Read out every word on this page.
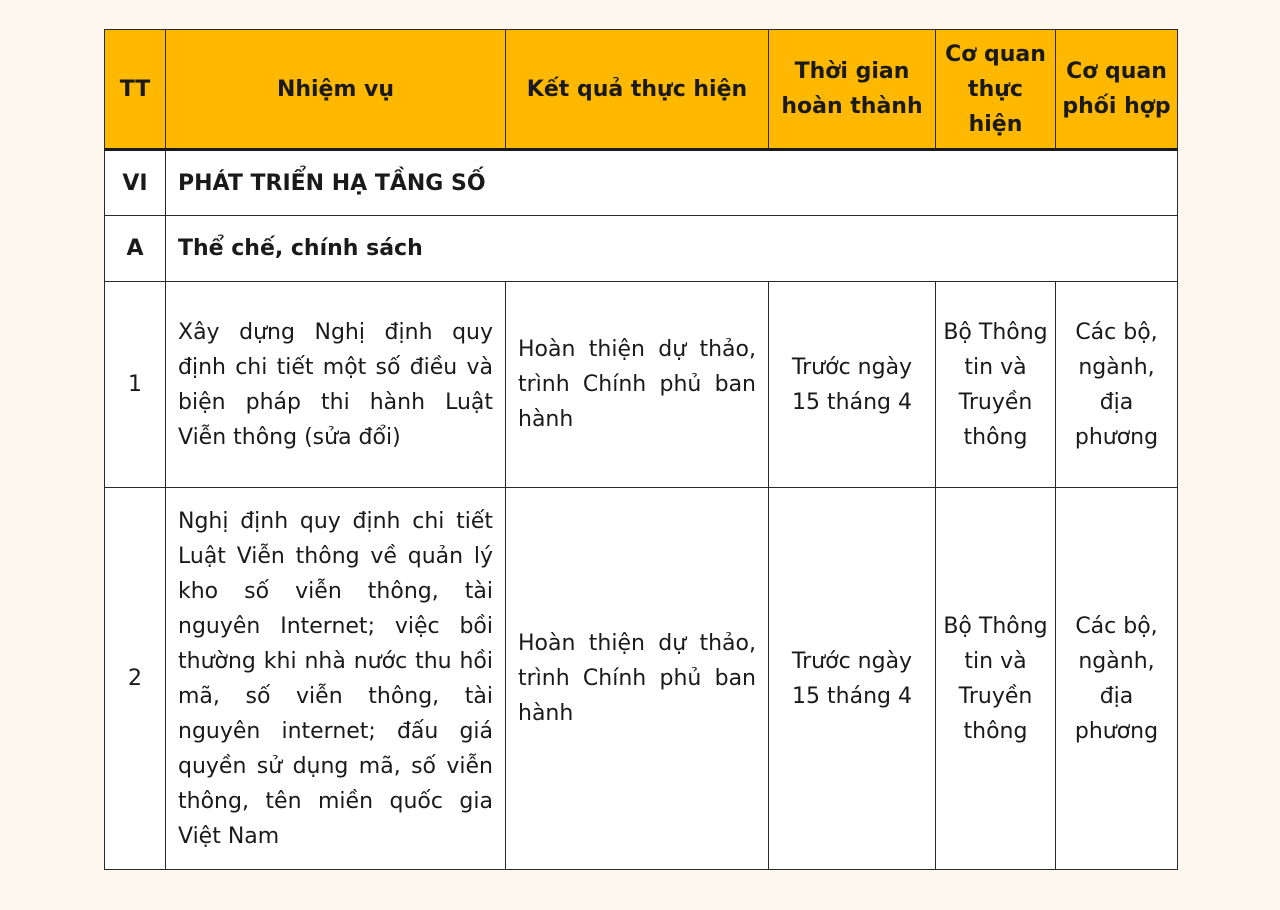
TT	Nhiệm vụ	Kết quả thực hiện	Thời gian hoàn thành	Cơ quan thực hiện	Cơ quan phối hợp
VI	PHÁT TRIỂN HẠ TẦNG SỐ				
A	Thể chế, chính sách				
1	Xây dựng Nghị định quy định chi tiết một số điều và biện pháp thi hành Luật Viễn thông (sửa đổi)	Hoàn thiện dự thảo, trình Chính phủ ban hành	Trước ngày 15 tháng 4	Bộ Thông tin và Truyền thông	Các bộ, ngành, địa phương
2	Nghị định quy định chi tiết Luật Viễn thông về quản lý kho số viễn thông, tài nguyên Internet; việc bồi thường khi nhà nước thu hồi mã, số viễn thông, tài nguyên internet; đấu giá quyền sử dụng mã, số viễn thông, tên miền quốc gia Việt Nam	Hoàn thiện dự thảo, trình Chính phủ ban hành	Trước ngày 15 tháng 4	Bộ Thông tin và Truyền thông	Các bộ, ngành, địa phương
